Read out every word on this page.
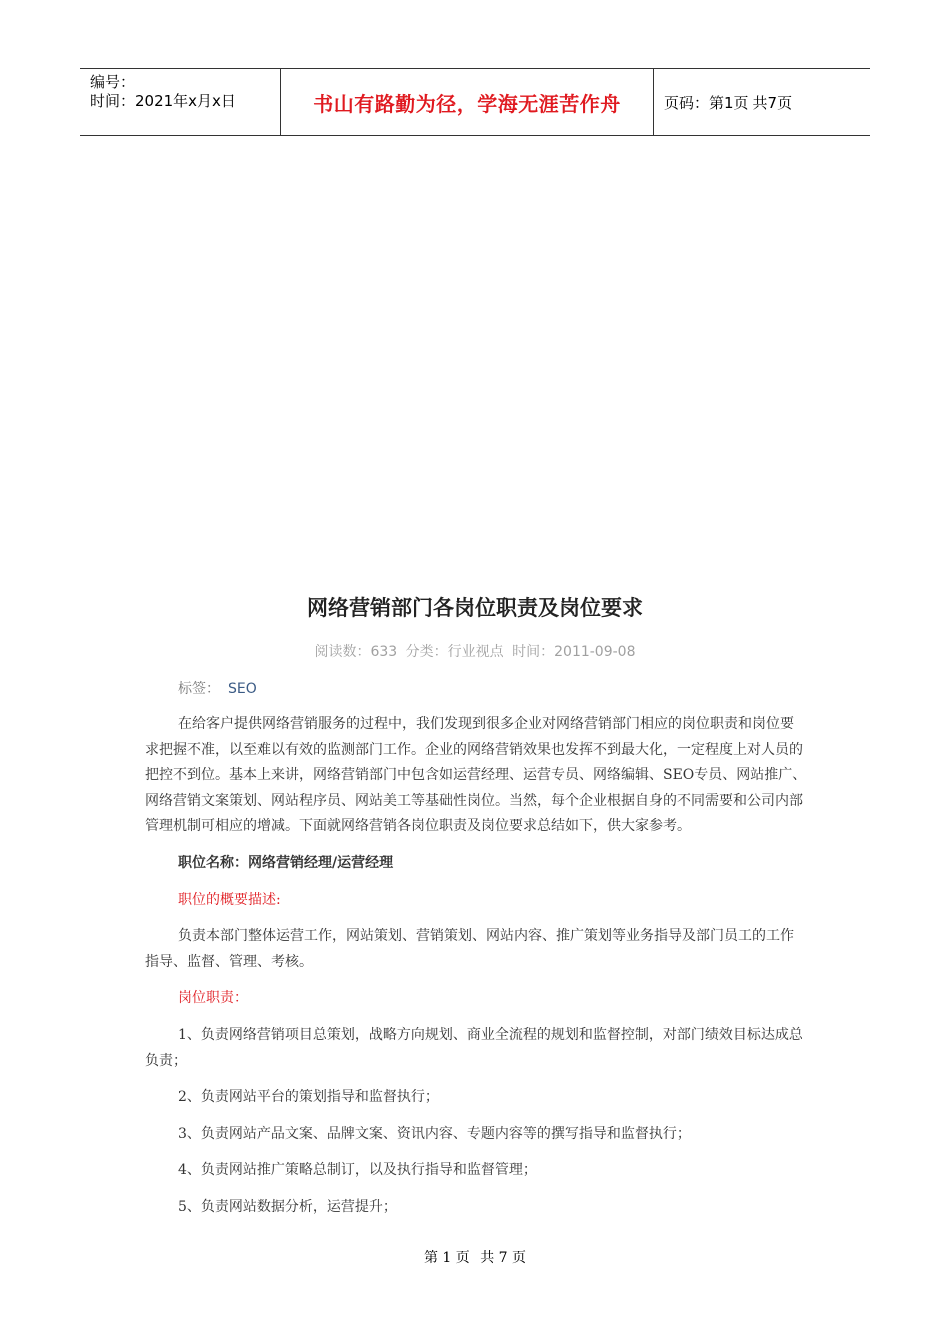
编号：
时间：2021年x月x日	书山有路勤为径，学海无涯苦作舟	页码：第1页 共7页
网络营销部门各岗位职责及岗位要求
阅读数：633 分类：行业视点 时间：2011-09-08
标签： SEO

在给客户提供网络营销服务的过程中，我们发现到很多企业对网络营销部门相应的岗位职责和岗位要求把握不准，以至难以有效的监测部门工作。企业的网络营销效果也发挥不到最大化，一定程度上对人员的把控不到位。基本上来讲，网络营销部门中包含如运营经理、运营专员、网络编辑、SEO专员、网站推广、网络营销文案策划、网站程序员、网站美工等基础性岗位。当然，每个企业根据自身的不同需要和公司内部管理机制可相应的增减。下面就网络营销各岗位职责及岗位要求总结如下，供大家参考。

职位名称：网络营销经理/运营经理

职位的概要描述:

负责本部门整体运营工作，网站策划、营销策划、网站内容、推广策划等业务指导及部门员工的工作指导、监督、管理、考核。

岗位职责：

1、负责网络营销项目总策划，战略方向规划、商业全流程的规划和监督控制，对部门绩效目标达成总负责；

2、负责网站平台的策划指导和监督执行；

3、负责网站产品文案、品牌文案、资讯内容、专题内容等的撰写指导和监督执行；

4、负责网站推广策略总制订，以及执行指导和监督管理；

5、负责网站数据分析，运营提升；

第 1 页 共 7 页
